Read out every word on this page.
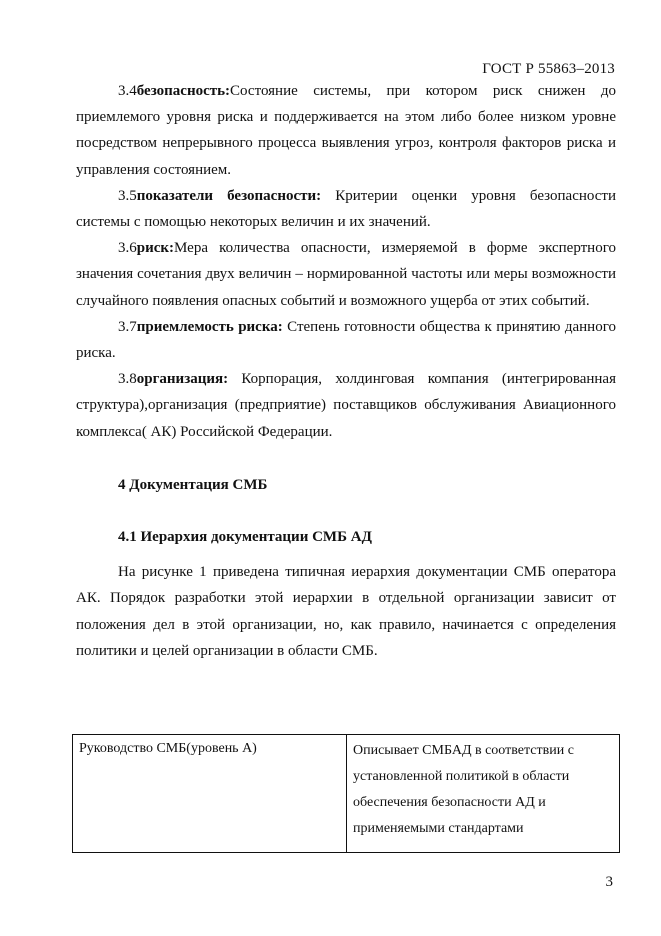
ГОСТ Р 55863–2013

3.4безопасность:Состояние системы, при котором риск снижен до приемлемого уровня риска и поддерживается на этом либо более низком уровне посредством непрерывного процесса выявления угроз, контроля факторов риска и управления состоянием.

3.5показатели безопасности: Критерии оценки уровня безопасности системы с помощью некоторых величин и их значений.

3.6риск:Мера количества опасности, измеряемой в форме экспертного значения сочетания двух величин – нормированной частоты или меры возможности случайного появления опасных событий и возможного ущерба от этих событий.

3.7приемлемость риска: Степень готовности общества к принятию данного риска.

3.8организация: Корпорация, холдинговая компания (интегрированная структура),организация (предприятие) поставщиков обслуживания Авиационного комплекса( АК) Российской Федерации.

4 Документация СМБ

4.1 Иерархия документации СМБ АД

На рисунке 1 приведена типичная иерархия документации СМБ оператора АК. Порядок разработки этой иерархии в отдельной организации зависит от положения дел в этой организации, но, как правило, начинается с определения политики и целей организации в области СМБ.

Руководство СМБ(уровень А)	Описывает СМБАД в соответствии с установленной политикой в области обеспечения безопасности АД и применяемыми стандартами
3
